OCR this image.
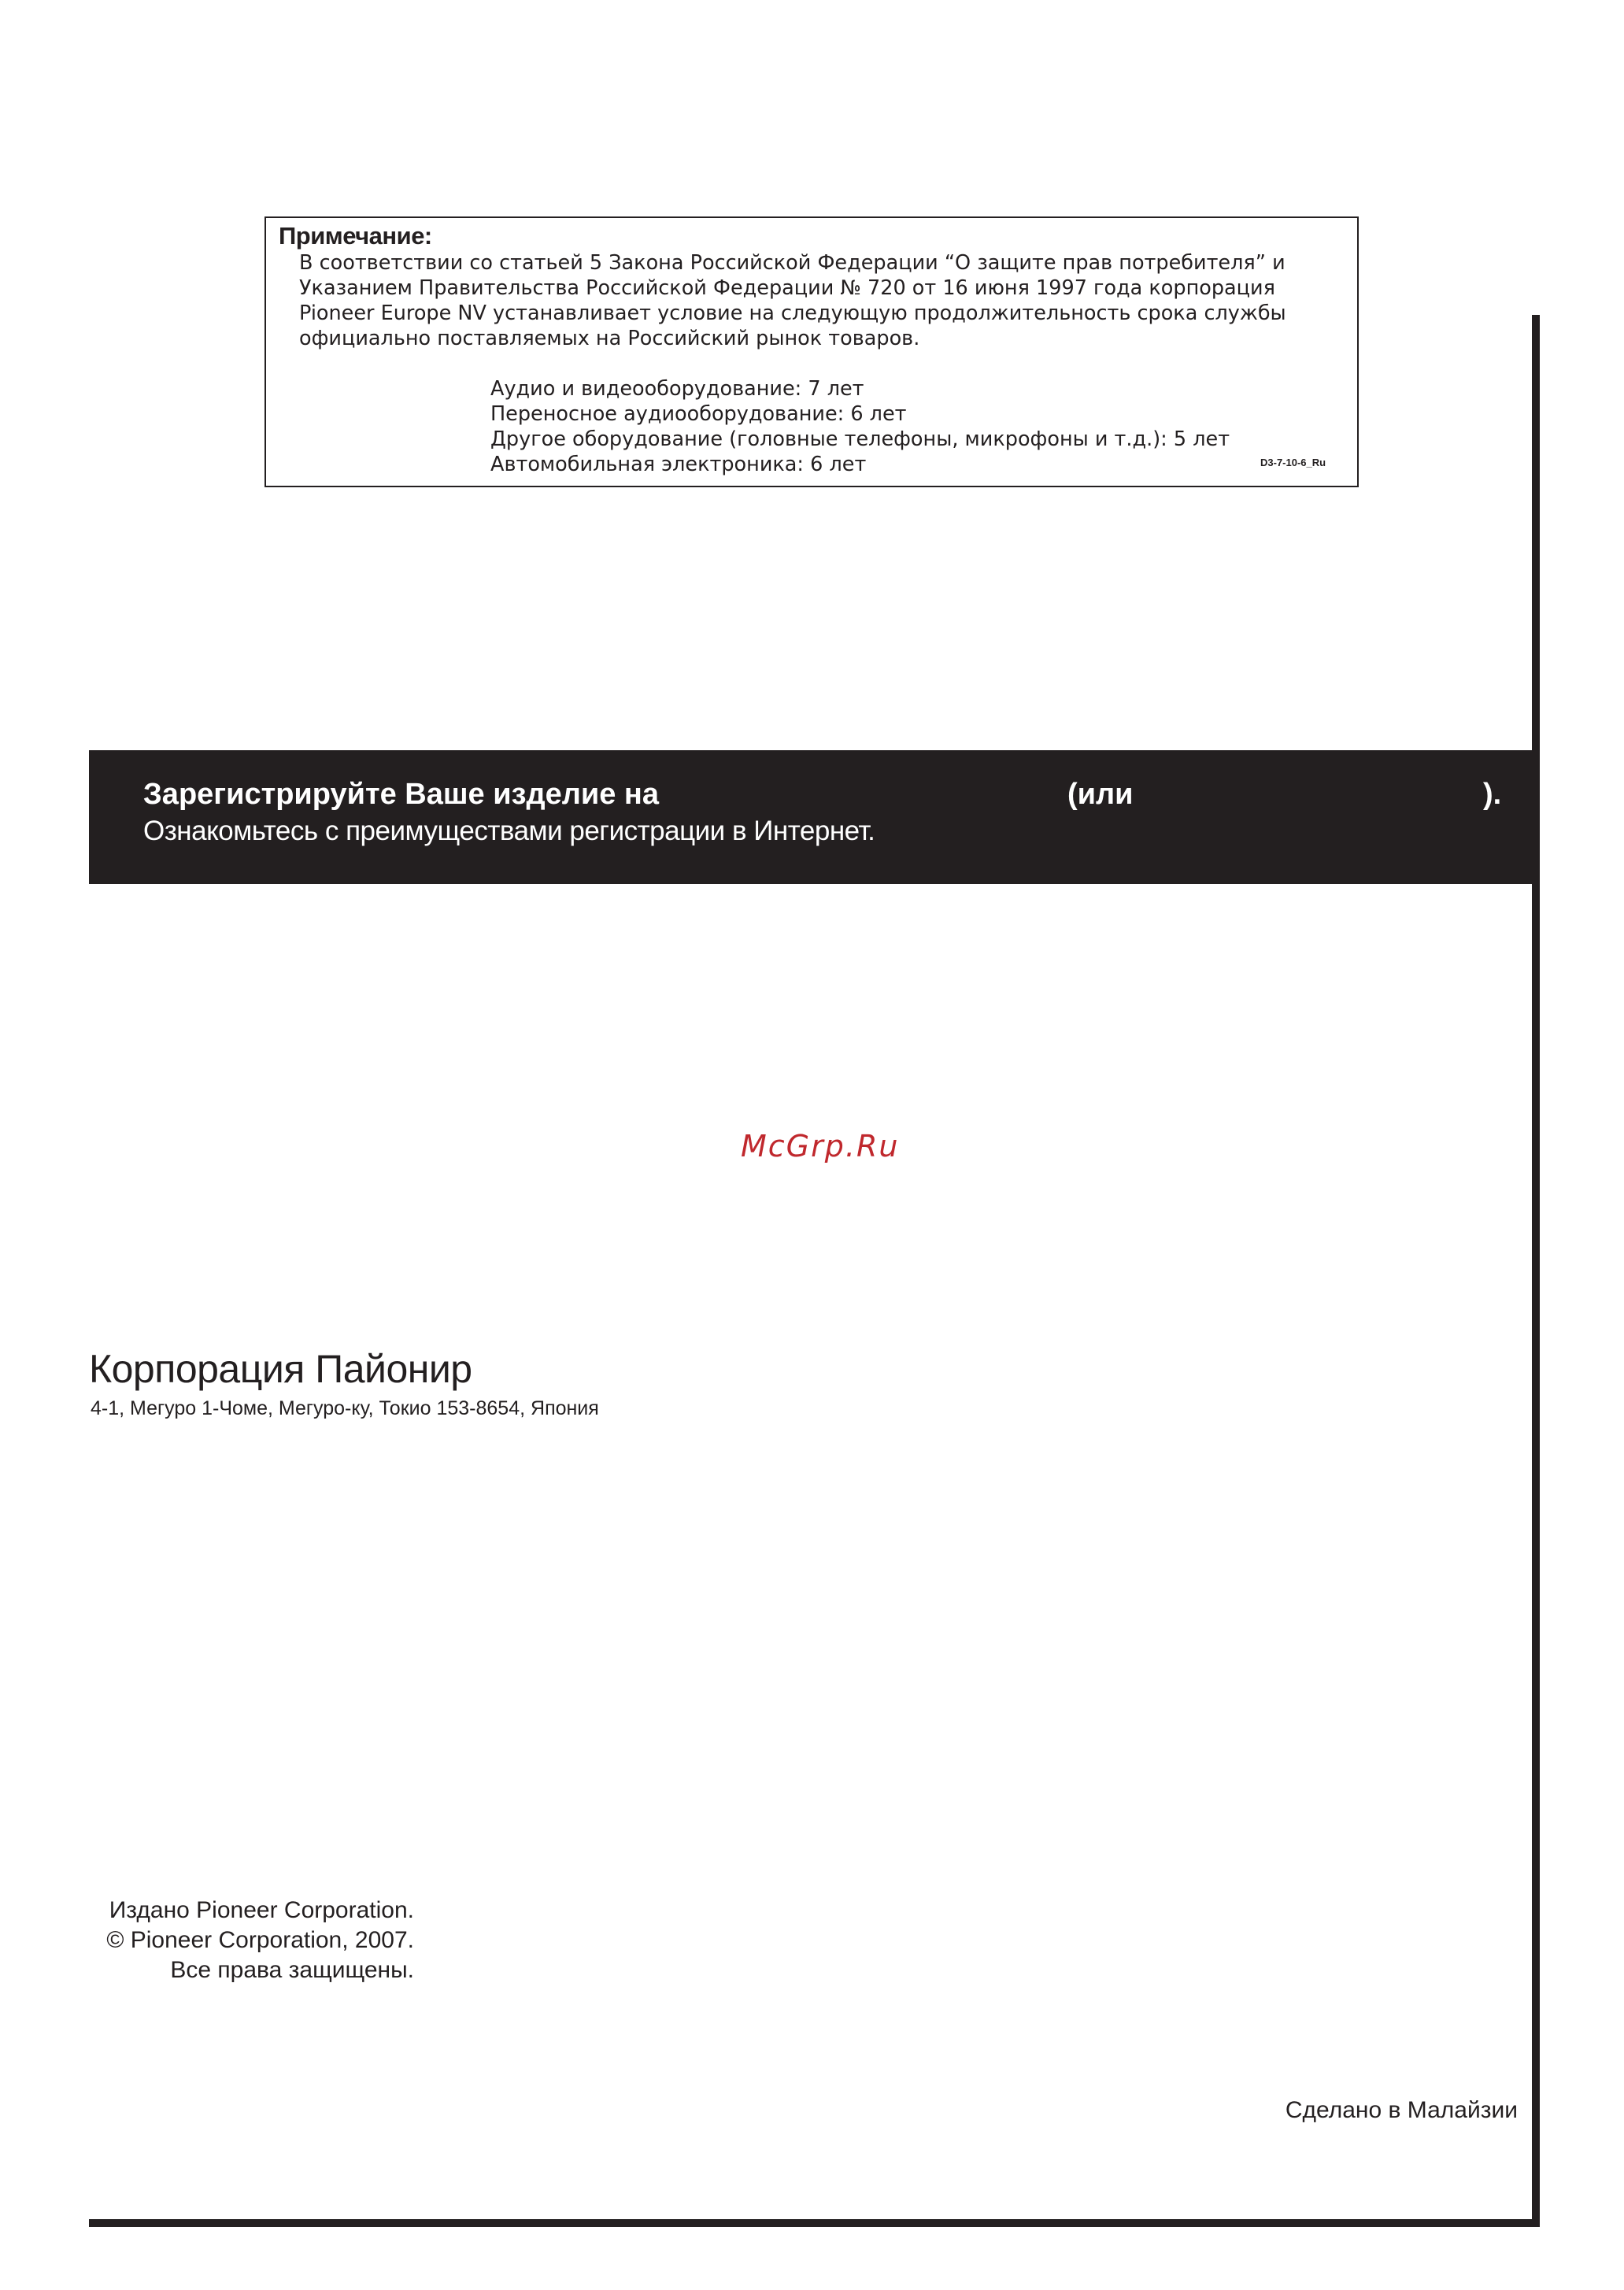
Примечание:
В соответствии со статьей 5 Закона Российской Федерации “О защите прав потребителя” и
Указанием Правительства Российской Федерации № 720 от 16 июня 1997 года корпорация
Pioneer Europe NV устанавливает условие на следующую продолжительность срока службы
официально поставляемых на Российский рынок товаров.
Аудио и видеооборудование: 7 лет
Переносное аудиооборудование: 6 лет
Другое оборудование (головные телефоны, микрофоны и т.д.): 5 лет
Автомобильная электроника: 6 лет	D3-7-10-6_Ru
Зарегистрируйте Ваше изделие на	(или	).
Ознакомьтесь с преимуществами регистрации в Интернет.
McGrp.Ru
Корпорация Пайонир
4-1, Мегуро 1-Чоме, Мегуро-ку, Токио 153-8654, Япония
Издано Pioneer Corporation.
© Pioneer Corporation, 2007.
Все права защищены.
Сделано в Малайзии
